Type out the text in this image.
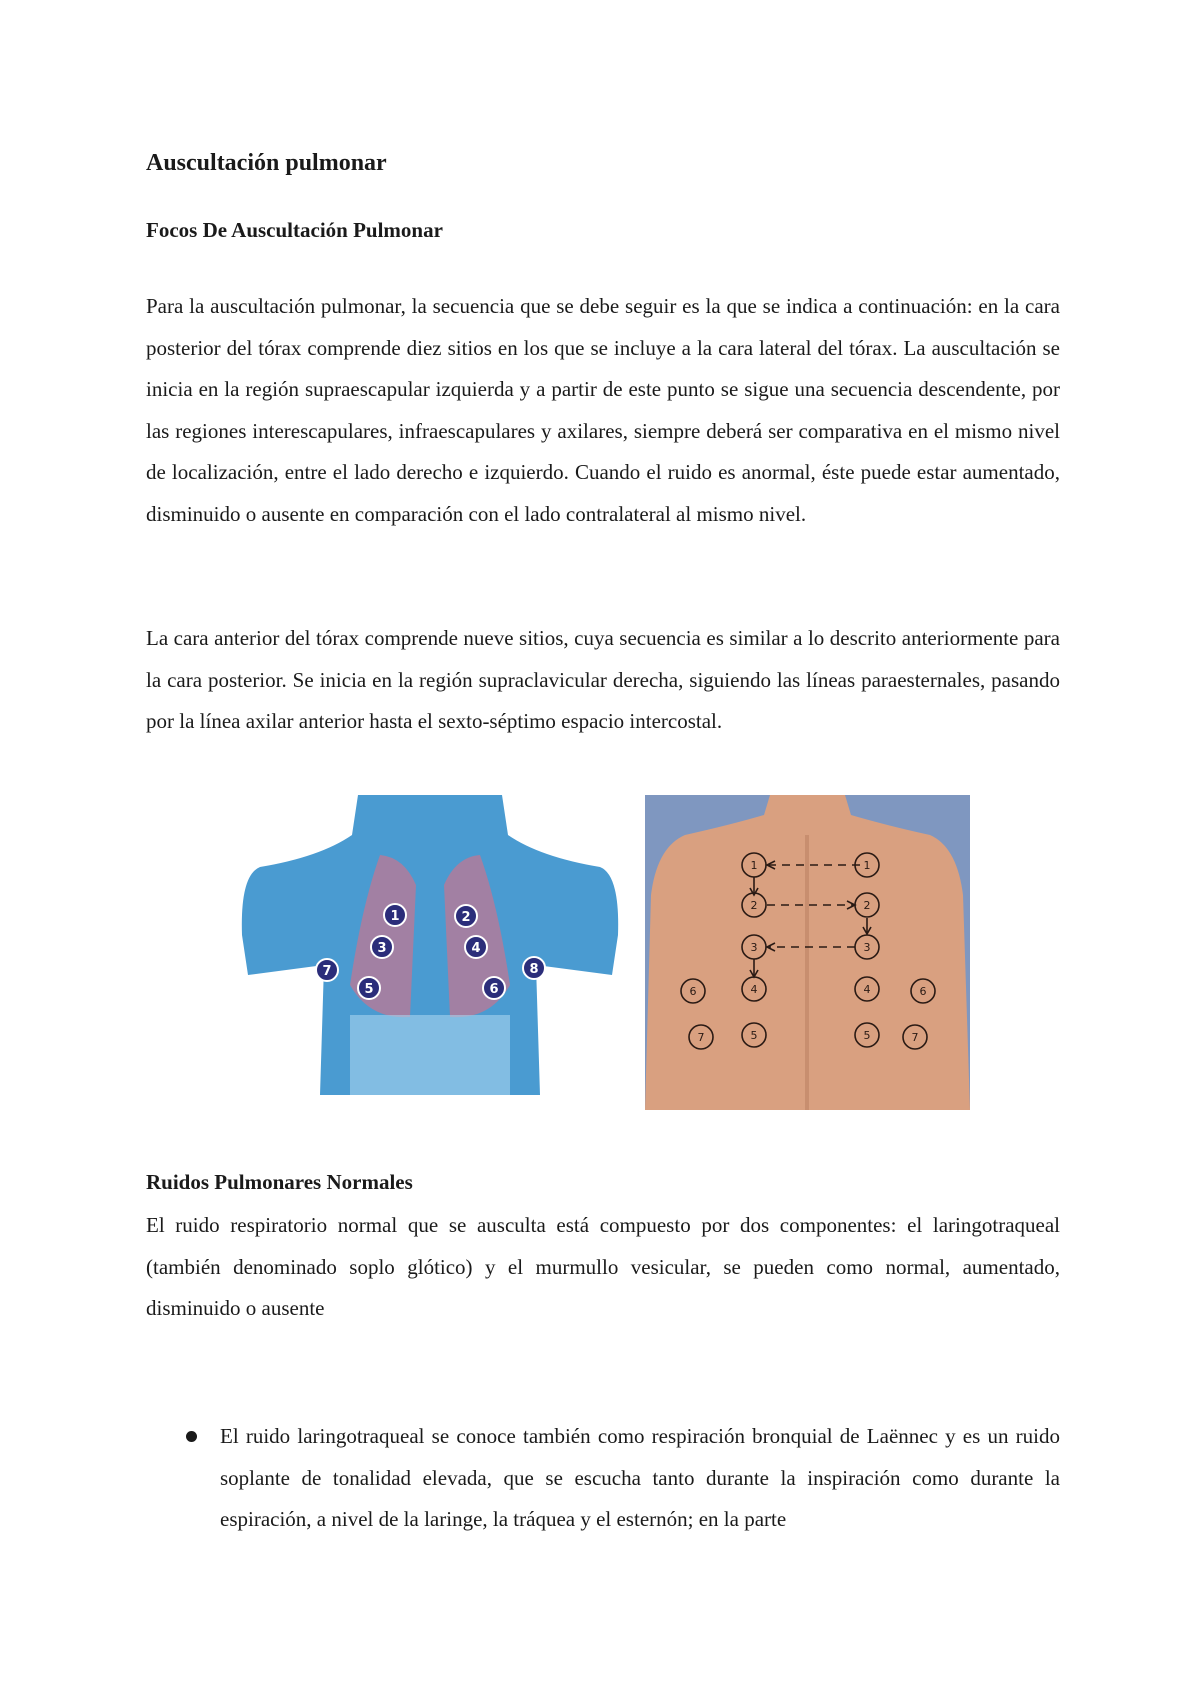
Auscultación pulmonar
Focos De Auscultación Pulmonar

Para la auscultación pulmonar, la secuencia que se debe seguir es la que se indica a continuación: en la cara posterior del tórax comprende diez sitios en los que se incluye a la cara lateral del tórax. La auscultación se inicia en la región supraescapular izquierda y a partir de este punto se sigue una secuencia descendente, por las regiones interescapulares, infraescapulares y axilares, siempre deberá ser comparativa en el mismo nivel de localización, entre el lado derecho e izquierdo. Cuando el ruido es anormal, éste puede estar aumentado, disminuido o ausente en comparación con el lado contralateral al mismo nivel.

La cara anterior del tórax comprende nueve sitios, cuya secuencia es similar a lo descrito anteriormente para la cara posterior. Se inicia en la región supraclavicular derecha, siguiendo las líneas paraesternales, pasando por la línea axilar anterior hasta el sexto-séptimo espacio intercostal.

Ruidos Pulmonares Normales

El ruido respiratorio normal que se ausculta está compuesto por dos componentes: el laringotraqueal (también denominado soplo glótico) y el murmullo vesicular, se pueden como normal, aumentado, disminuido o ausente

El ruido laringotraqueal se conoce también como respiración bronquial de Laënnec y es un ruido soplante de tonalidad elevada, que se escucha tanto durante la inspiración como durante la espiración, a nivel de la laringe, la tráquea y el esternón; en la parte
1	2
3	4
5	6
7	8
1	1
2	2
3	3
4	4
5	5
6	6
7	7
